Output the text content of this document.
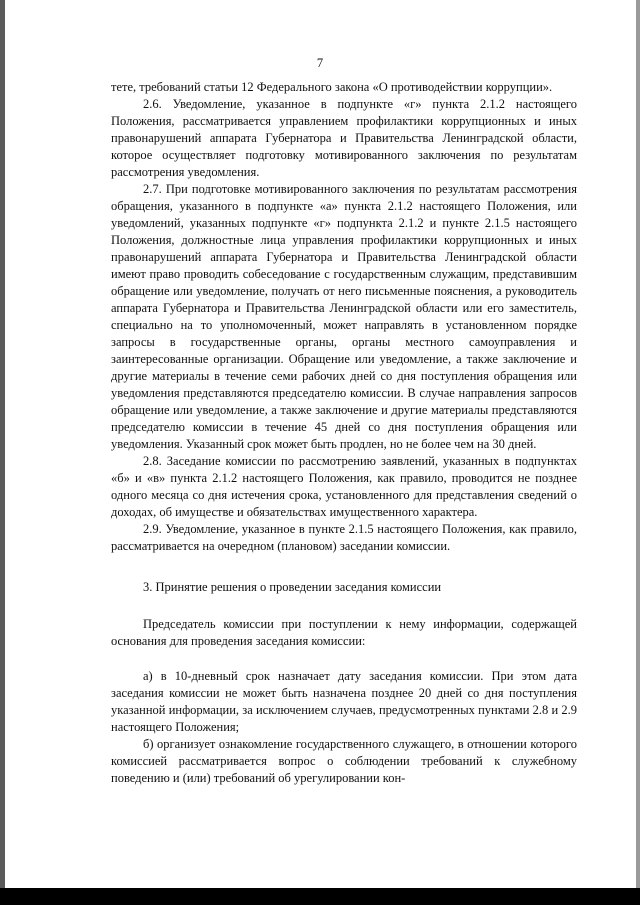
7

тете, требований статьи 12 Федерального закона «О противодействии коррупции».

2.6. Уведомление, указанное в подпункте «г» пункта 2.1.2 настоящего Положения, рассматривается управлением профилактики коррупционных и иных правонарушений аппарата Губернатора и Правительства Ленинградской области, которое осуществляет подготовку мотивированного заключения по результатам рассмотрения уведомления.

2.7. При подготовке мотивированного заключения по результатам рассмотрения обращения, указанного в подпункте «а» пункта 2.1.2 настоящего Положения, или уведомлений, указанных подпункте «г» подпункта 2.1.2 и пункте 2.1.5 настоящего Положения, должностные лица управления профилактики коррупционных и иных правонарушений аппарата Губернатора и Правительства Ленинградской области имеют право проводить собеседование с государственным служащим, представившим обращение или уведомление, получать от него письменные пояснения, а руководитель аппарата Губернатора и Правительства Ленинградской области или его заместитель, специально на то уполномоченный, может направлять в установленном порядке запросы в государственные органы, органы местного самоуправления и заинтересованные организации. Обращение или уведомление, а также заключение и другие материалы в течение семи рабочих дней со дня поступления обращения или уведомления представляются председателю комиссии. В случае направления запросов обращение или уведомление, а также заключение и другие материалы представляются председателю комиссии в течение 45 дней со дня поступления обращения или уведомления. Указанный срок может быть продлен, но не более чем на 30 дней.

2.8. Заседание комиссии по рассмотрению заявлений, указанных в подпунктах «б» и «в» пункта 2.1.2 настоящего Положения, как правило, проводится не позднее одного месяца со дня истечения срока, установленного для представления сведений о доходах, об имуществе и обязательствах имущественного характера.

2.9. Уведомление, указанное в пункте 2.1.5 настоящего Положения, как правило, рассматривается на очередном (плановом) заседании комиссии.

3. Принятие решения о проведении заседания комиссии

Председатель комиссии при поступлении к нему информации, содержащей основания для проведения заседания комиссии:

а) в 10-дневный срок назначает дату заседания комиссии. При этом дата заседания комиссии не может быть назначена позднее 20 дней со дня поступления указанной информации, за исключением случаев, предусмотренных пунктами 2.8 и 2.9 настоящего Положения;

б) организует ознакомление государственного служащего, в отношении которого комиссией рассматривается вопрос о соблюдении требований к служебному поведению и (или) требований об урегулировании кон-
